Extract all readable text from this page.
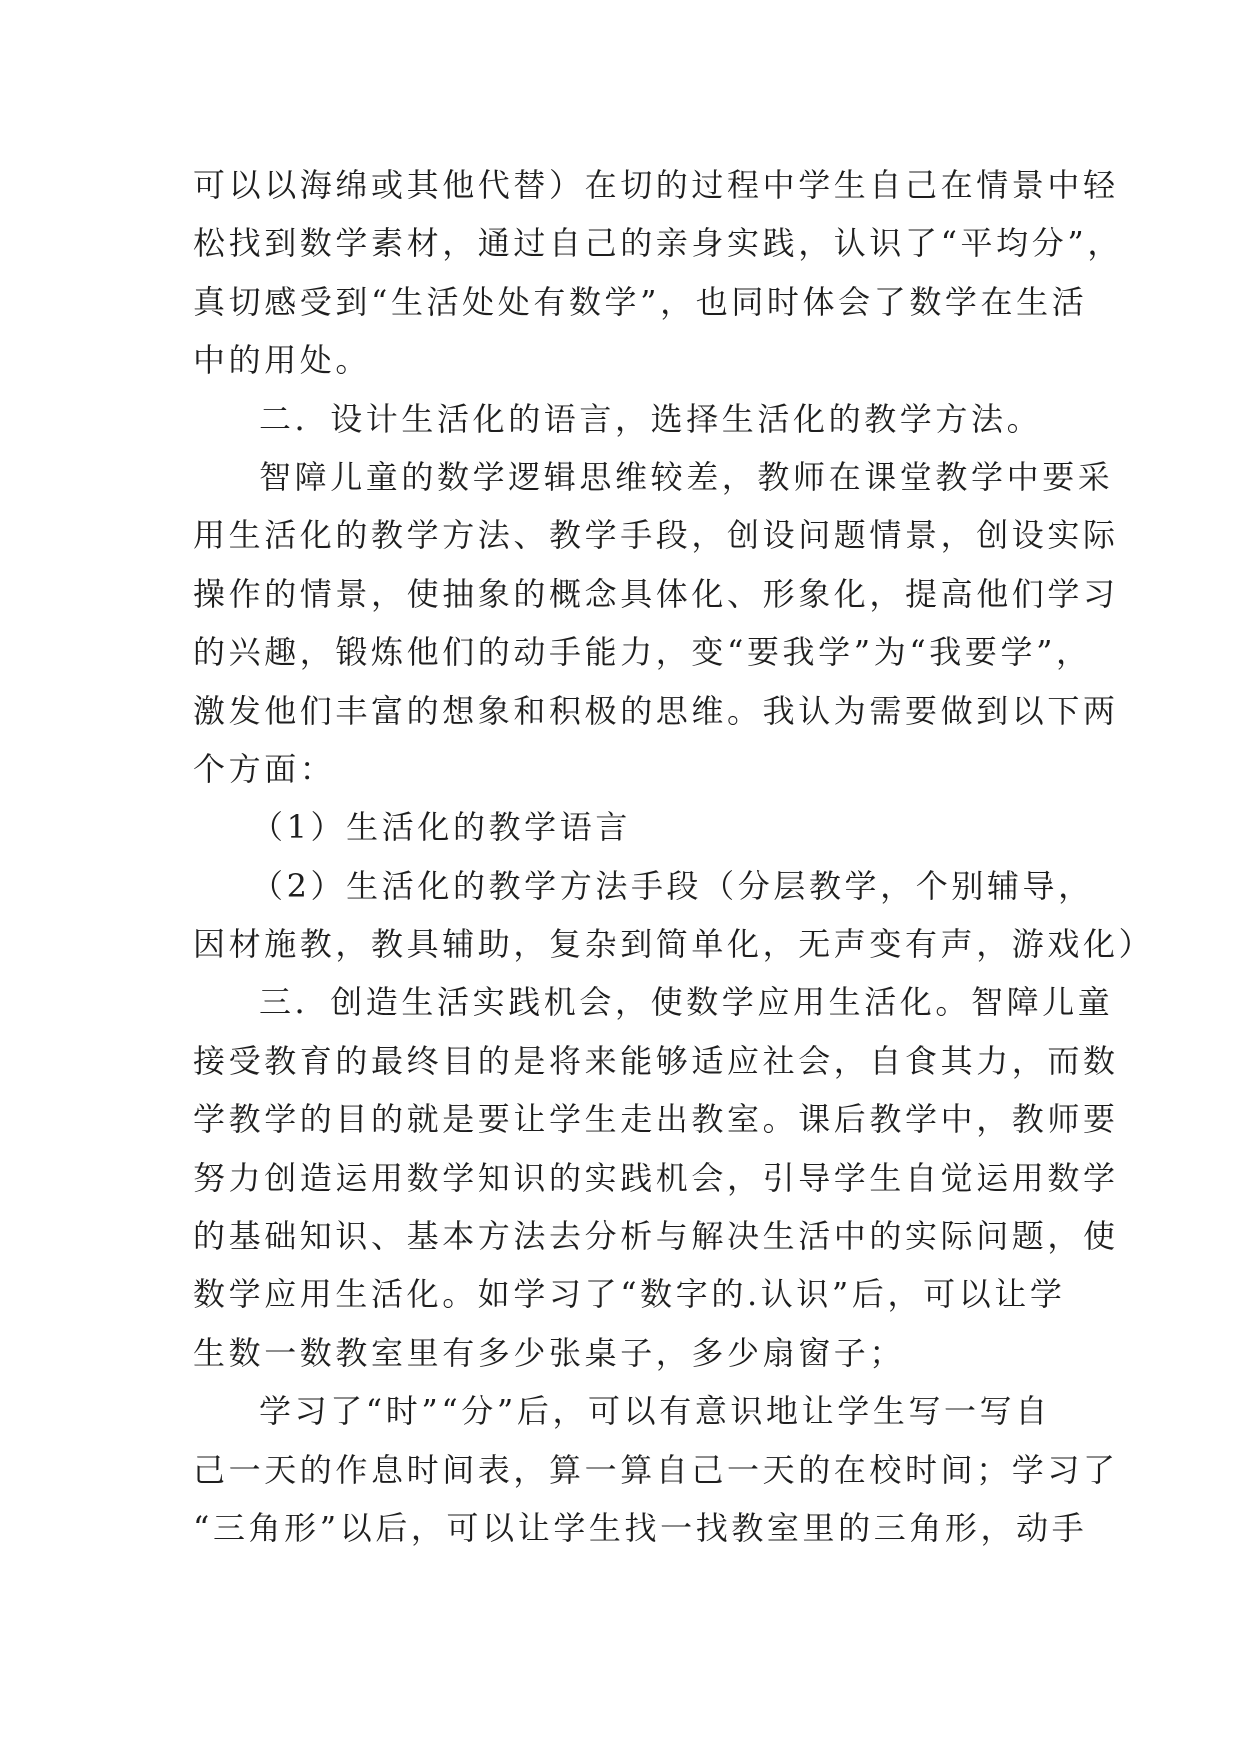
可以以海绵或其他代替）在切的过程中学生自己在情景中轻
松找到数学素材，通过自己的亲身实践，认识了“平均分”，
真切感受到“生活处处有数学”，也同时体会了数学在生活
中的用处。
二．设计生活化的语言，选择生活化的教学方法。
智障儿童的数学逻辑思维较差，教师在课堂教学中要采
用生活化的教学方法、教学手段，创设问题情景，创设实际
操作的情景，使抽象的概念具体化、形象化，提高他们学习
的兴趣，锻炼他们的动手能力，变“要我学”为“我要学”，
激发他们丰富的想象和积极的思维。我认为需要做到以下两
个方面：
（1）生活化的教学语言
（2）生活化的教学方法手段（分层教学，个别辅导，
因材施教，教具辅助，复杂到简单化，无声变有声，游戏化）
三．创造生活实践机会，使数学应用生活化。智障儿童
接受教育的最终目的是将来能够适应社会，自食其力，而数
学教学的目的就是要让学生走出教室。课后教学中，教师要
努力创造运用数学知识的实践机会，引导学生自觉运用数学
的基础知识、基本方法去分析与解决生活中的实际问题，使
数学应用生活化。如学习了“数字的.认识”后，可以让学
生数一数教室里有多少张桌子，多少扇窗子；
学习了“时”“分”后，可以有意识地让学生写一写自
己一天的作息时间表，算一算自己一天的在校时间；学习了
“三角形”以后，可以让学生找一找教室里的三角形，动手
